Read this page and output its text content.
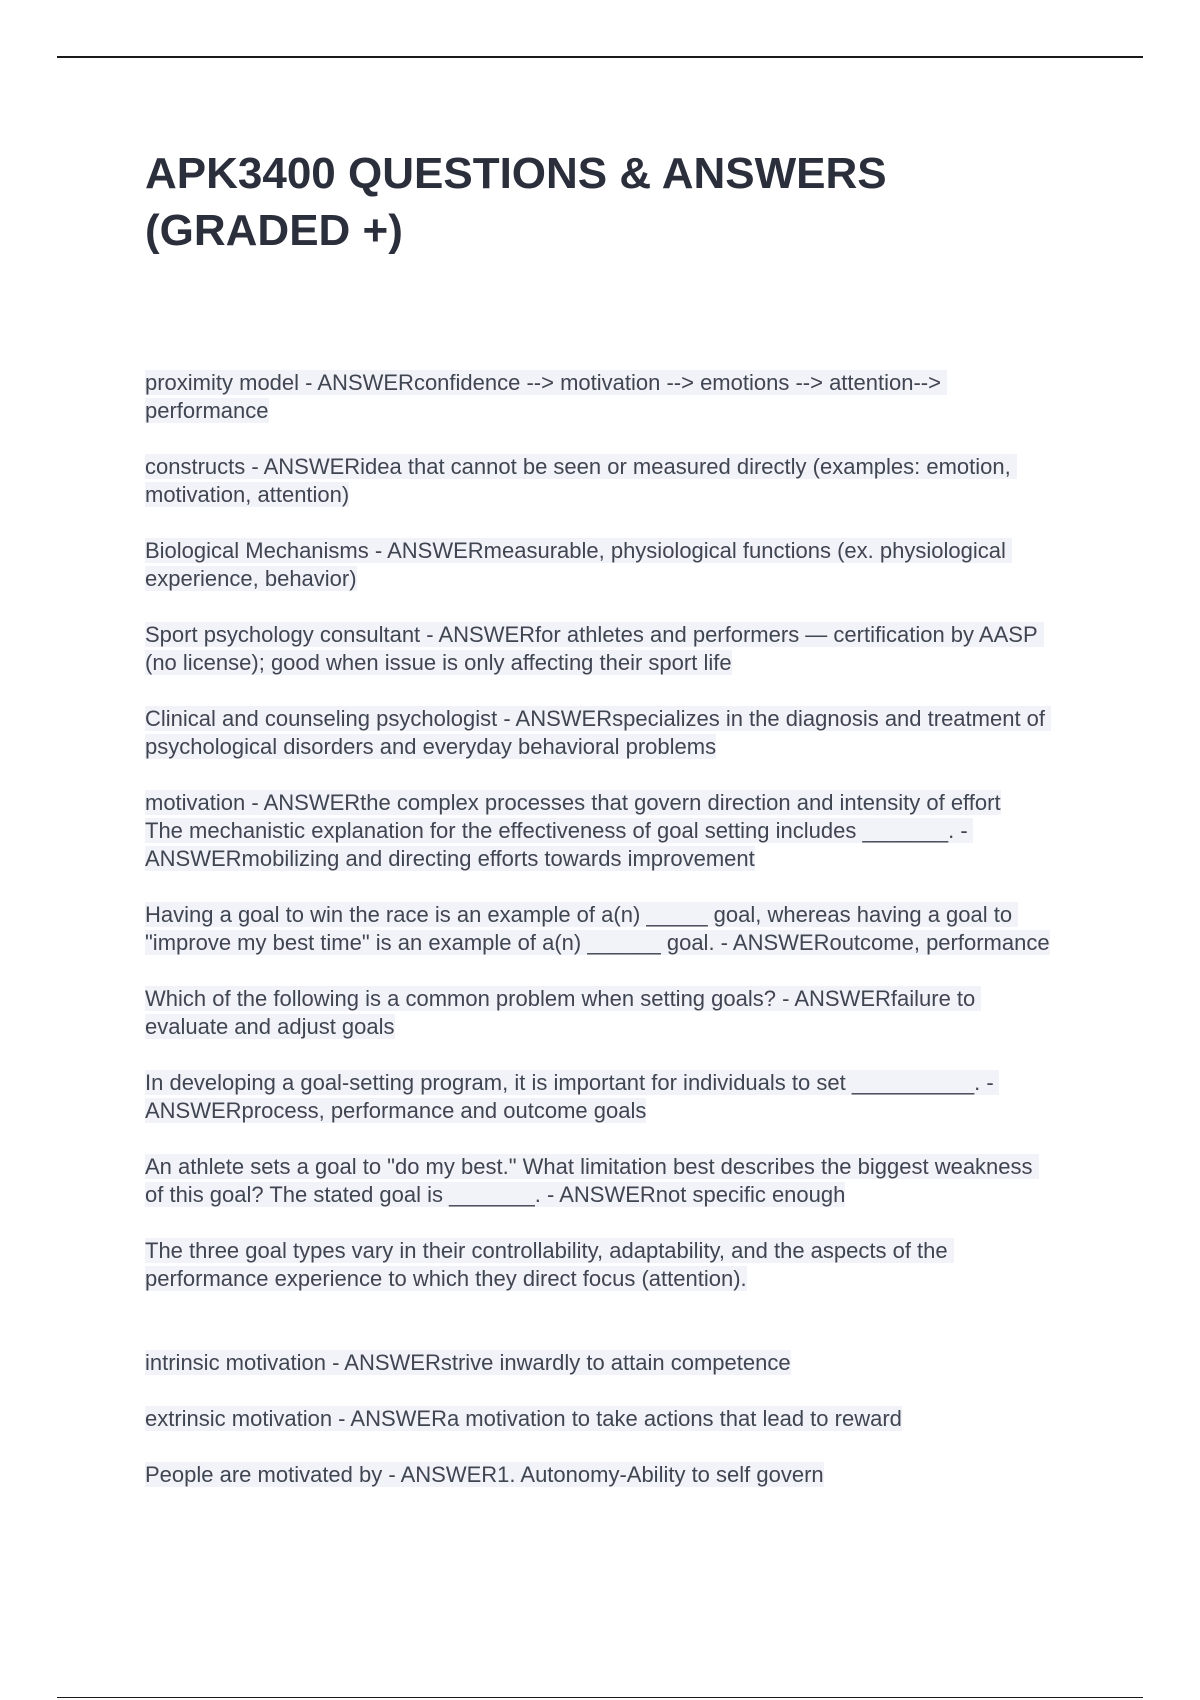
APK3400 QUESTIONS & ANSWERS
(GRADED +)

proximity model - ANSWERconfidence --> motivation --> emotions --> attention--> performance

constructs - ANSWERidea that cannot be seen or measured directly (examples: emotion, motivation, attention)

Biological Mechanisms - ANSWERmeasurable, physiological functions (ex. physiological experience, behavior)

Sport psychology consultant - ANSWERfor athletes and performers — certification by AASP (no license); good when issue is only affecting their sport life

Clinical and counseling psychologist - ANSWERspecializes in the diagnosis and treatment of psychological disorders and everyday behavioral problems

motivation - ANSWERthe complex processes that govern direction and intensity of effort

The mechanistic explanation for the effectiveness of goal setting includes _______. - ANSWERmobilizing and directing efforts towards improvement

Having a goal to win the race is an example of a(n) _____ goal, whereas having a goal to "improve my best time" is an example of a(n) ______ goal. - ANSWERoutcome, performance

Which of the following is a common problem when setting goals? - ANSWERfailure to evaluate and adjust goals

In developing a goal-setting program, it is important for individuals to set __________. - ANSWERprocess, performance and outcome goals

An athlete sets a goal to "do my best." What limitation best describes the biggest weakness of this goal? The stated goal is _______. - ANSWERnot specific enough

The three goal types vary in their controllability, adaptability, and the aspects of the performance experience to which they direct focus (attention).

intrinsic motivation - ANSWERstrive inwardly to attain competence

extrinsic motivation - ANSWERa motivation to take actions that lead to reward

People are motivated by - ANSWER1. Autonomy-Ability to self govern
